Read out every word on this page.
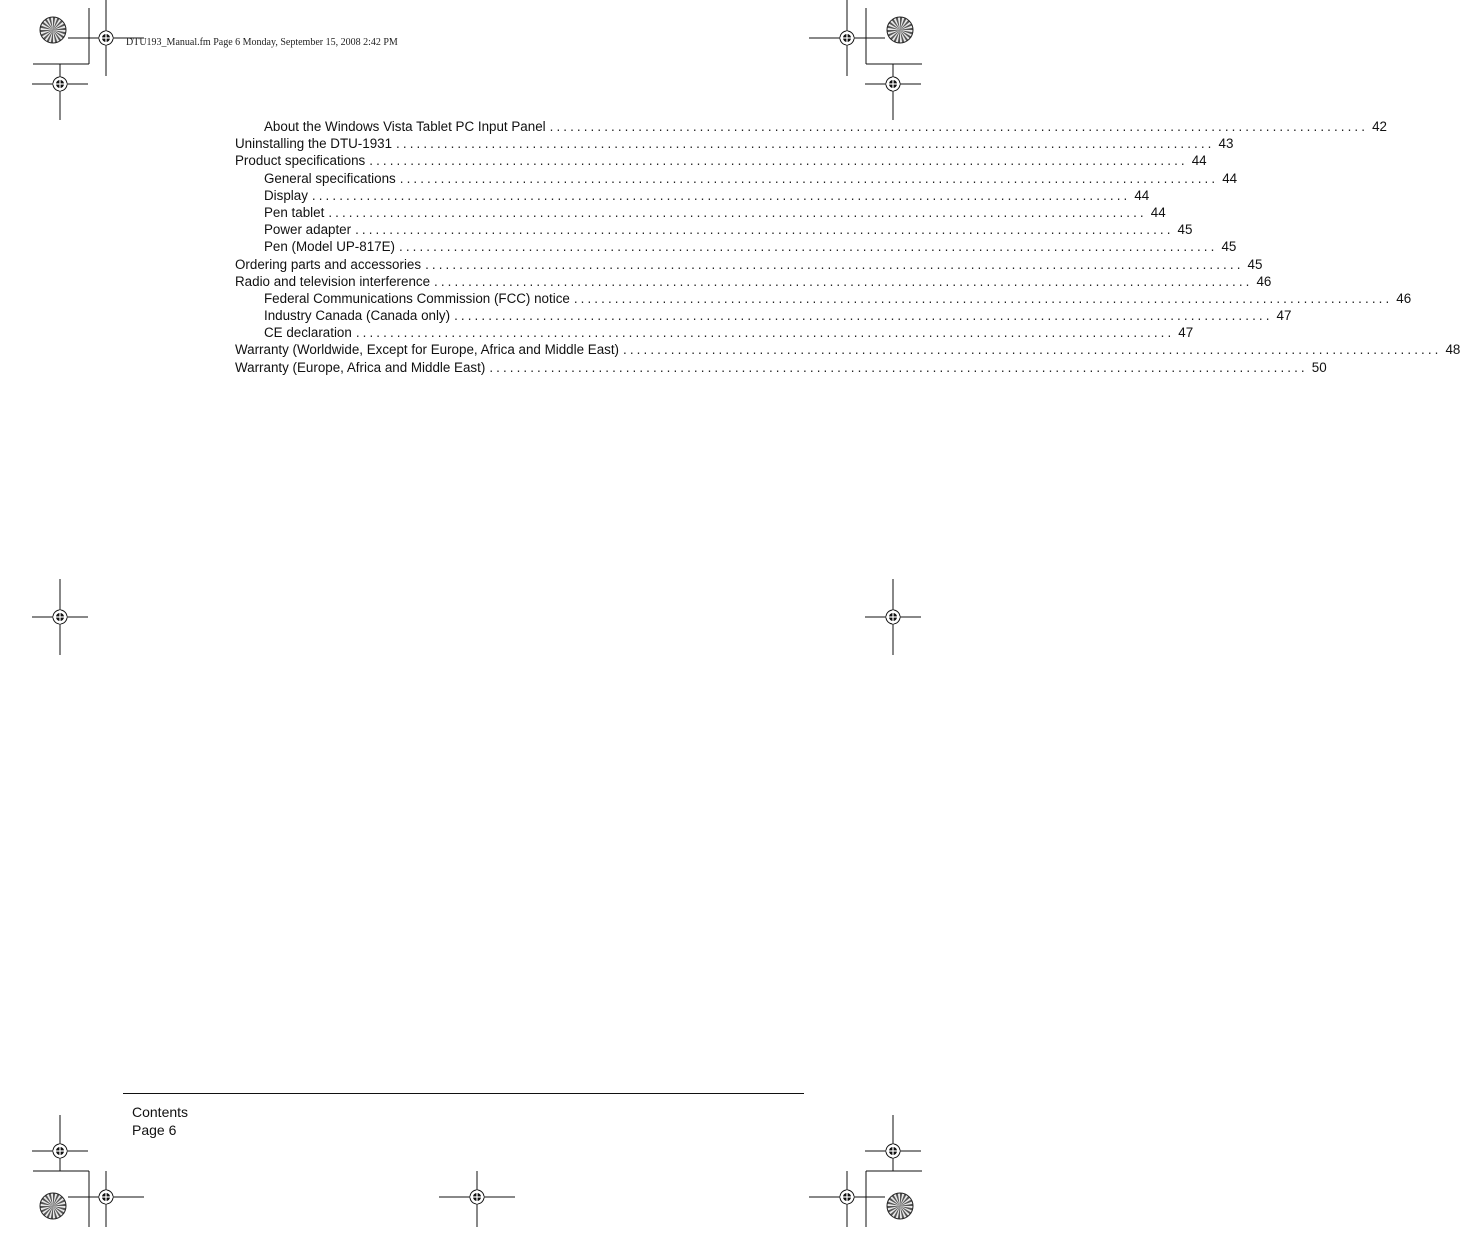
DTU193_Manual.fm Page 6 Monday, September 15, 2008 2:42 PM
About the Windows Vista Tablet PC Input Panel ........................................................................................................................ 42
Uninstalling the DTU-1931 ........................................................................................................................ 43
Product specifications ........................................................................................................................ 44
General specifications ........................................................................................................................ 44
Display ........................................................................................................................ 44
Pen tablet ........................................................................................................................ 44
Power adapter ........................................................................................................................ 45
Pen (Model UP-817E) ........................................................................................................................ 45
Ordering parts and accessories ........................................................................................................................ 45
Radio and television interference ........................................................................................................................ 46
Federal Communications Commission (FCC) notice ........................................................................................................................ 46
Industry Canada (Canada only) ........................................................................................................................ 47
CE declaration ........................................................................................................................ 47
Warranty (Worldwide, Except for Europe, Africa and Middle East) ........................................................................................................................ 48
Warranty (Europe, Africa and Middle East) ........................................................................................................................ 50
Contents
Page 6
